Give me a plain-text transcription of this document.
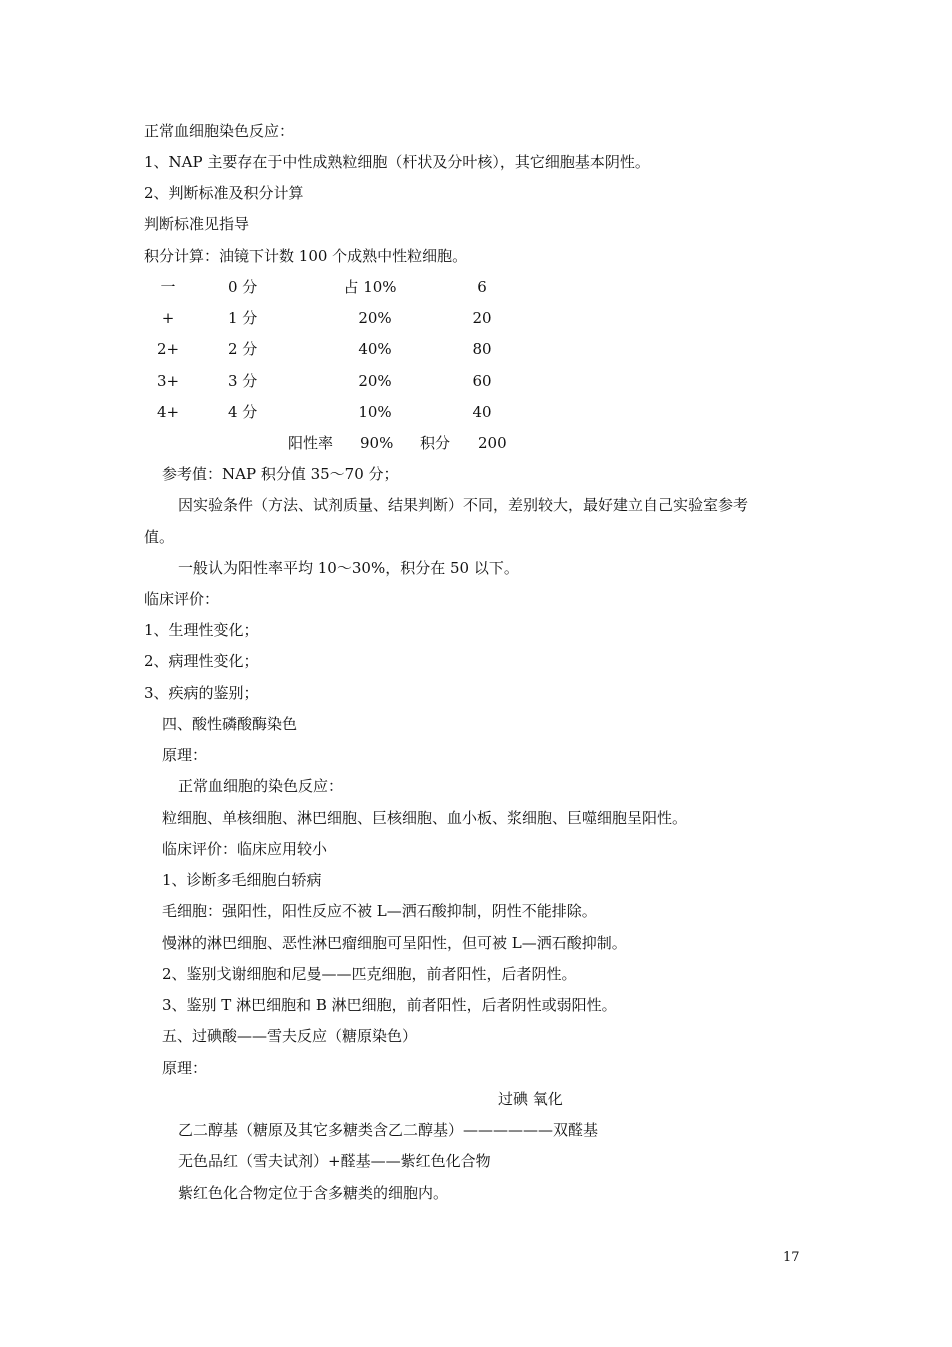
正常血细胞染色反应：
1、NAP 主要存在于中性成熟粒细胞（杆状及分叶核），其它细胞基本阴性。
2、判断标准及积分计算
判断标准见指导
积分计算：油镜下计数 100 个成熟中性粒细胞。
一	0 分	占 10%	6
+	1 分	20%	20
2+	2 分	40%	80
3+	3 分	20%	60
4+	4 分	10%	40
阳性率 90% 积分 200
参考值：NAP 积分值 35～70 分；
因实验条件（方法、试剂质量、结果判断）不同，差别较大，最好建立自己实验室参考
值。
一般认为阳性率平均 10～30%，积分在 50 以下。
临床评价：
1、生理性变化；
2、病理性变化；
3、疾病的鉴别；
四、酸性磷酸酶染色
原理：
正常血细胞的染色反应：
粒细胞、单核细胞、淋巴细胞、巨核细胞、血小板、浆细胞、巨噬细胞呈阳性。
临床评价：临床应用较小
1、诊断多毛细胞白轿病
毛细胞：强阳性，阳性反应不被 L—洒石酸抑制，阴性不能排除。
慢淋的淋巴细胞、恶性淋巴瘤细胞可呈阳性，但可被 L—洒石酸抑制。
2、鉴别戈谢细胞和尼曼——匹克细胞，前者阳性，后者阴性。
3、鉴别 T 淋巴细胞和 B 淋巴细胞，前者阳性，后者阴性或弱阳性。
五、过碘酸——雪夫反应（糖原染色）
原理：
过碘 氧化
乙二醇基（糖原及其它多糖类含乙二醇基）——————双醛基
无色品红（雪夫试剂）+醛基——紫红色化合物
紫红色化合物定位于含多糖类的细胞内。
17
